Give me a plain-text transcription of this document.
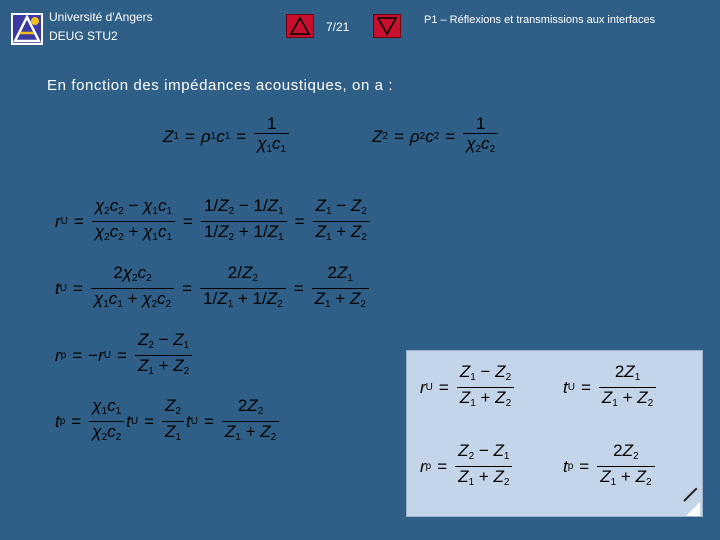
Université d'Angers
DEUG STU2
7/21	P1 – Réflexions et transmissions aux interfaces
En fonction des impédances acoustiques, on a :
Z 1 = ρ 1 c $1 = \frac{1}{\chi_1c_1}$	Z 2 = ρ 2 c $2 = \frac{1}{\chi_2c_2}$
r $U = \frac{\chi_2c_2 - \chi_1c_1}{\chi_2c_2 + \chi_1c_1} = \frac{1/Z_2 - 1/Z_1}{1/Z_2 + 1/Z_1} = \frac{Z_1 - Z_2}{Z_1 + Z_2}$
t $U = \frac{2\chi_2c_2}{\chi_1c_1 + \chi_2c_2} = \frac{2/Z_2}{1/Z_1 + 1/Z_2} = \frac{2Z_1}{Z_1 + Z_2}$
r p = − r $U = \frac{Z_2 - Z_1}{Z_1 + Z_2}$
t $p = \frac{\chi_1c_1}{\chi_2c_2}$ t $U = \frac{Z_2}{Z_1}$ t $U = \frac{2Z_2}{Z_1 + Z_2}$
r $U = \frac{Z_1 - Z_2}{Z_1 + Z_2}$	t $U = \frac{2Z_1}{Z_1 + Z_2}$
r $p = \frac{Z_2 - Z_1}{Z_1 + Z_2}$	t $p = \frac{2Z_2}{Z_1 + Z_2}$
